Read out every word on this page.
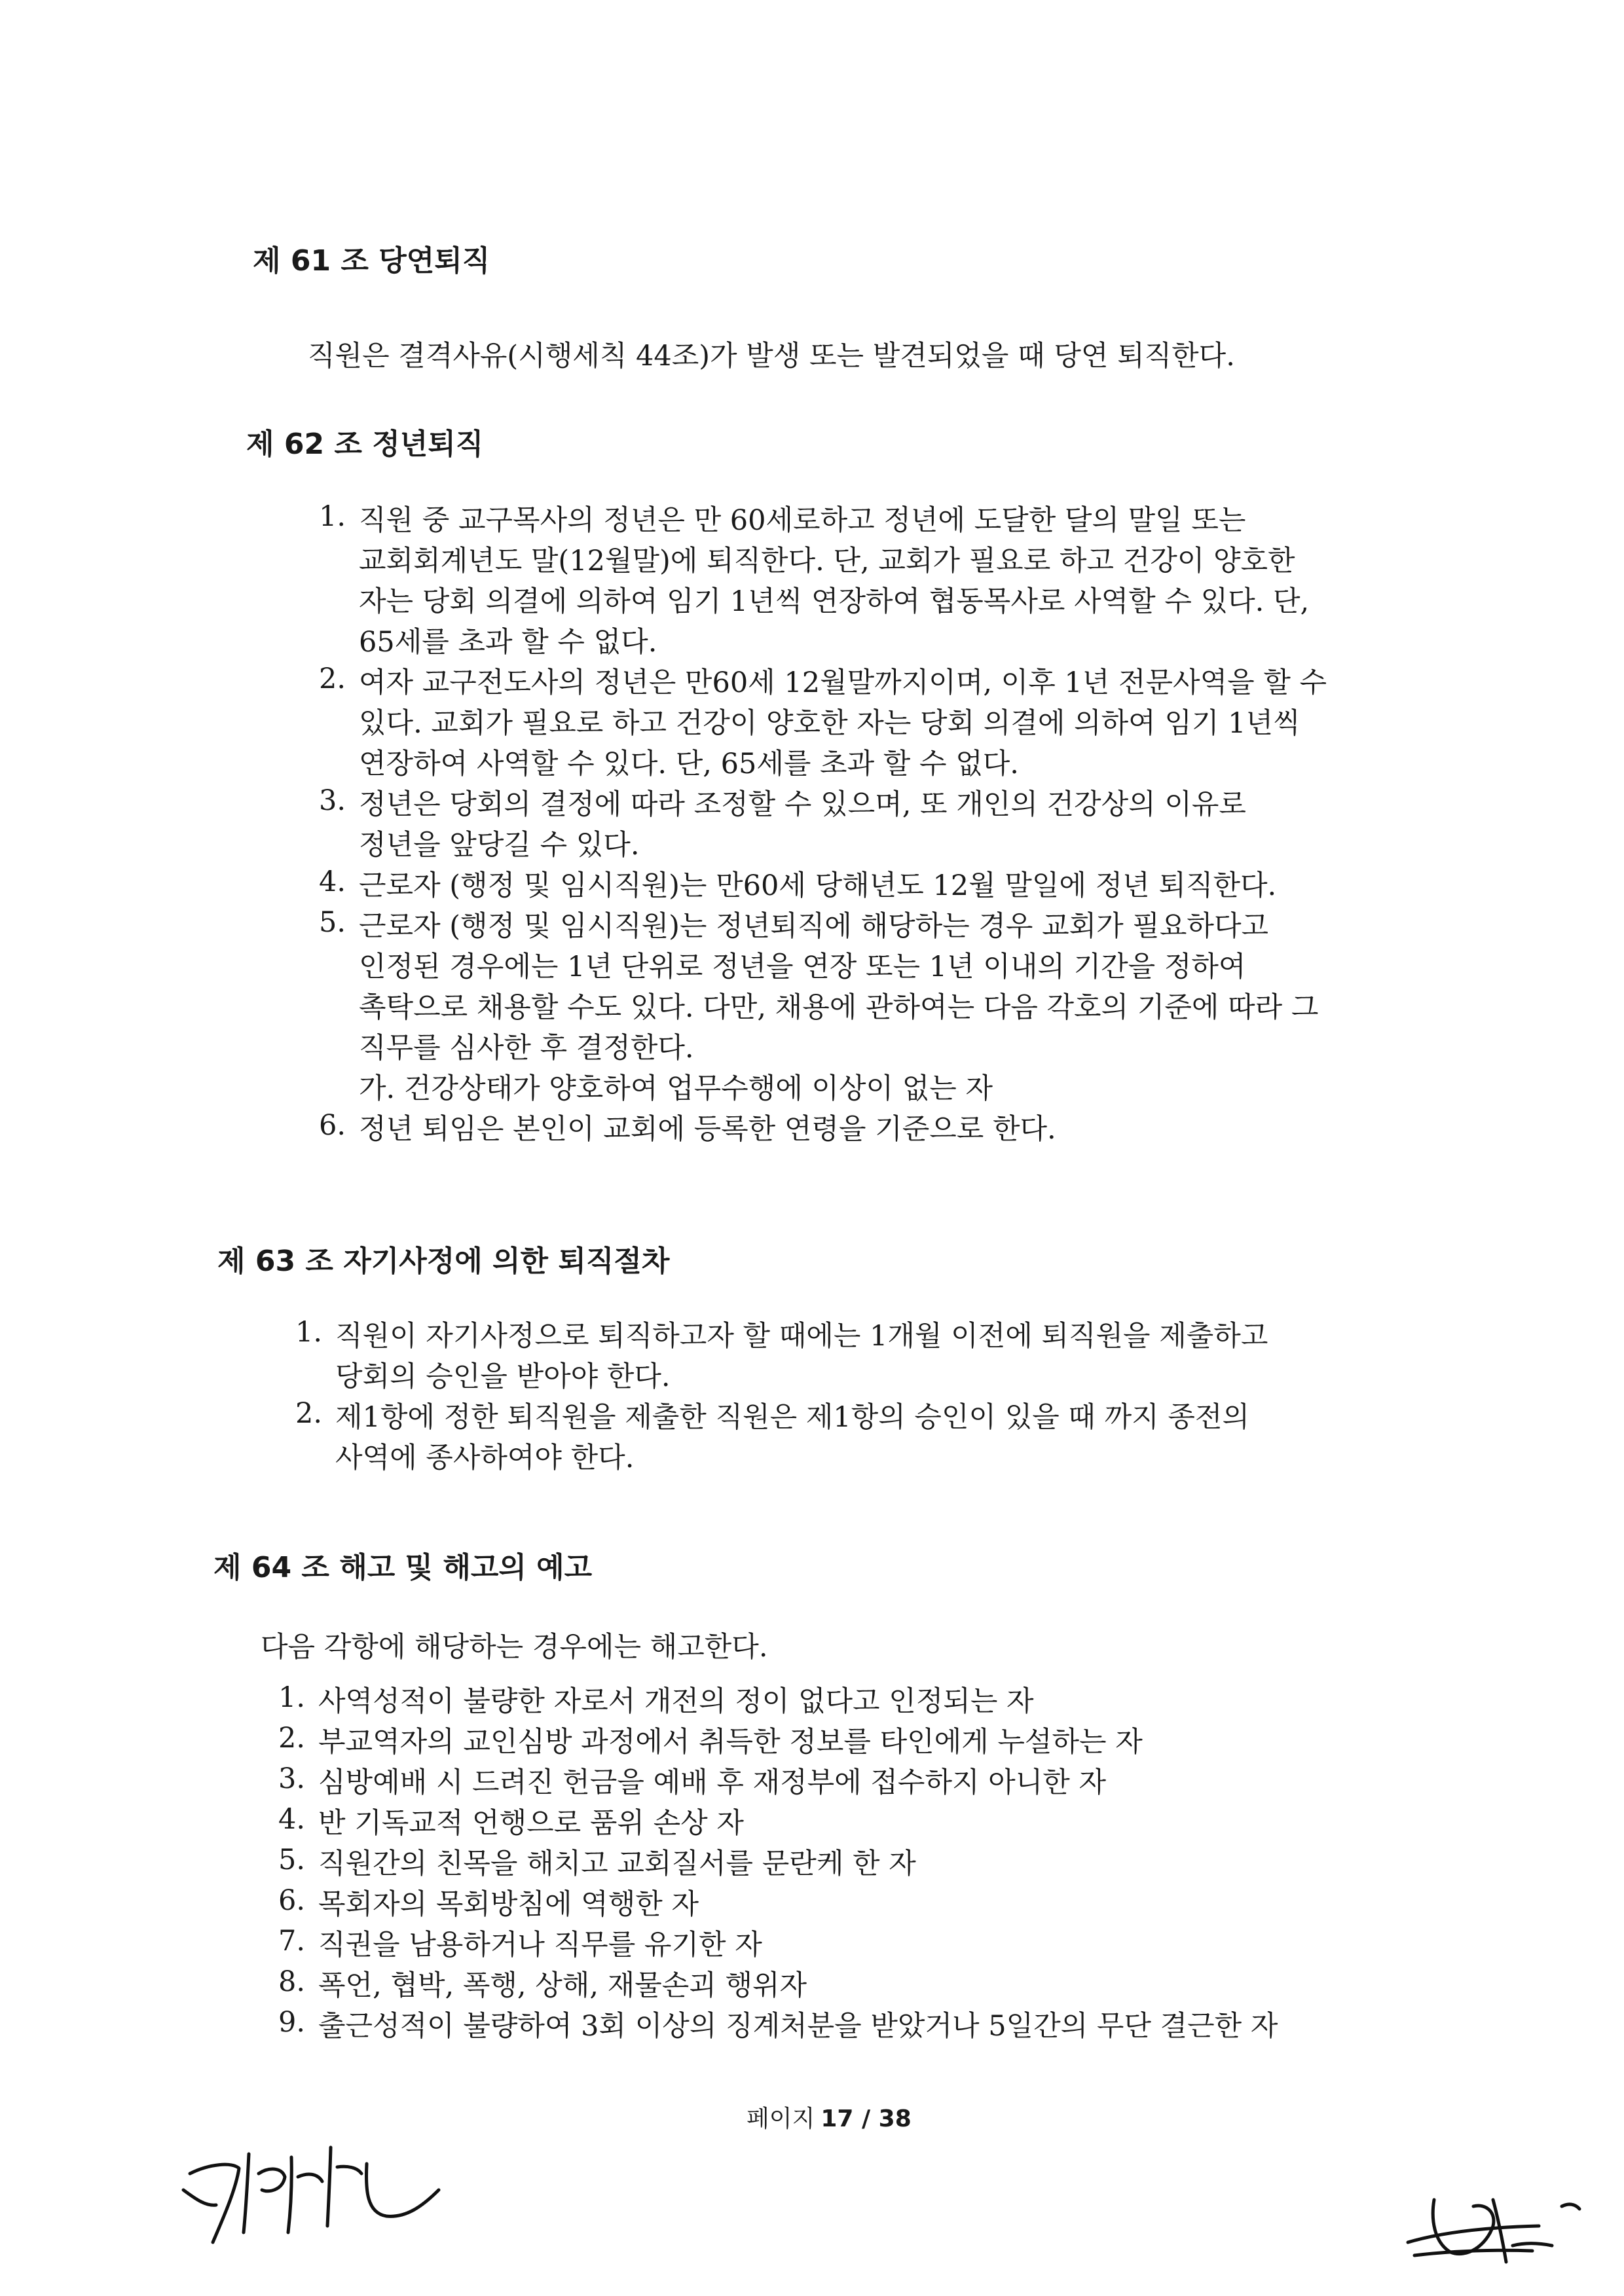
제 61 조 당연퇴직
직원은 결격사유(시행세칙 44조)가 발생 또는 발견되었을 때 당연 퇴직한다.
제 62 조 정년퇴직
1. 직원 중 교구목사의 정년은 만 60세로하고 정년에 도달한 달의 말일 또는
교회회계년도 말(12월말)에 퇴직한다. 단, 교회가 필요로 하고 건강이 양호한
자는 당회 의결에 의하여 임기 1년씩 연장하여 협동목사로 사역할 수 있다. 단,
65세를 초과 할 수 없다.
2. 여자 교구전도사의 정년은 만60세 12월말까지이며, 이후 1년 전문사역을 할 수
있다. 교회가 필요로 하고 건강이 양호한 자는 당회 의결에 의하여 임기 1년씩
연장하여 사역할 수 있다. 단, 65세를 초과 할 수 없다.
3. 정년은 당회의 결정에 따라 조정할 수 있으며, 또 개인의 건강상의 이유로
정년을 앞당길 수 있다.
4. 근로자 (행정 및 임시직원)는 만60세 당해년도 12월 말일에 정년 퇴직한다.
5. 근로자 (행정 및 임시직원)는 정년퇴직에 해당하는 경우 교회가 필요하다고
인정된 경우에는 1년 단위로 정년을 연장 또는 1년 이내의 기간을 정하여
촉탁으로 채용할 수도 있다. 다만, 채용에 관하여는 다음 각호의 기준에 따라 그
직무를 심사한 후 결정한다.
가. 건강상태가 양호하여 업무수행에 이상이 없는 자
6. 정년 퇴임은 본인이 교회에 등록한 연령을 기준으로 한다.
제 63 조 자기사정에 의한 퇴직절차
1. 직원이 자기사정으로 퇴직하고자 할 때에는 1개월 이전에 퇴직원을 제출하고
당회의 승인을 받아야 한다.
2. 제1항에 정한 퇴직원을 제출한 직원은 제1항의 승인이 있을 때 까지 종전의
사역에 종사하여야 한다.
제 64 조 해고 및 해고의 예고
다음 각항에 해당하는 경우에는 해고한다.
1. 사역성적이 불량한 자로서 개전의 정이 없다고 인정되는 자
2. 부교역자의 교인심방 과정에서 취득한 정보를 타인에게 누설하는 자
3. 심방예배 시 드려진 헌금을 예배 후 재정부에 접수하지 아니한 자
4. 반 기독교적 언행으로 품위 손상 자
5. 직원간의 친목을 해치고 교회질서를 문란케 한 자
6. 목회자의 목회방침에 역행한 자
7. 직권을 남용하거나 직무를 유기한 자
8. 폭언, 협박, 폭행, 상해, 재물손괴 행위자
9. 출근성적이 불량하여 3회 이상의 징계처분을 받았거나 5일간의 무단 결근한 자
페이지 17 / 38
